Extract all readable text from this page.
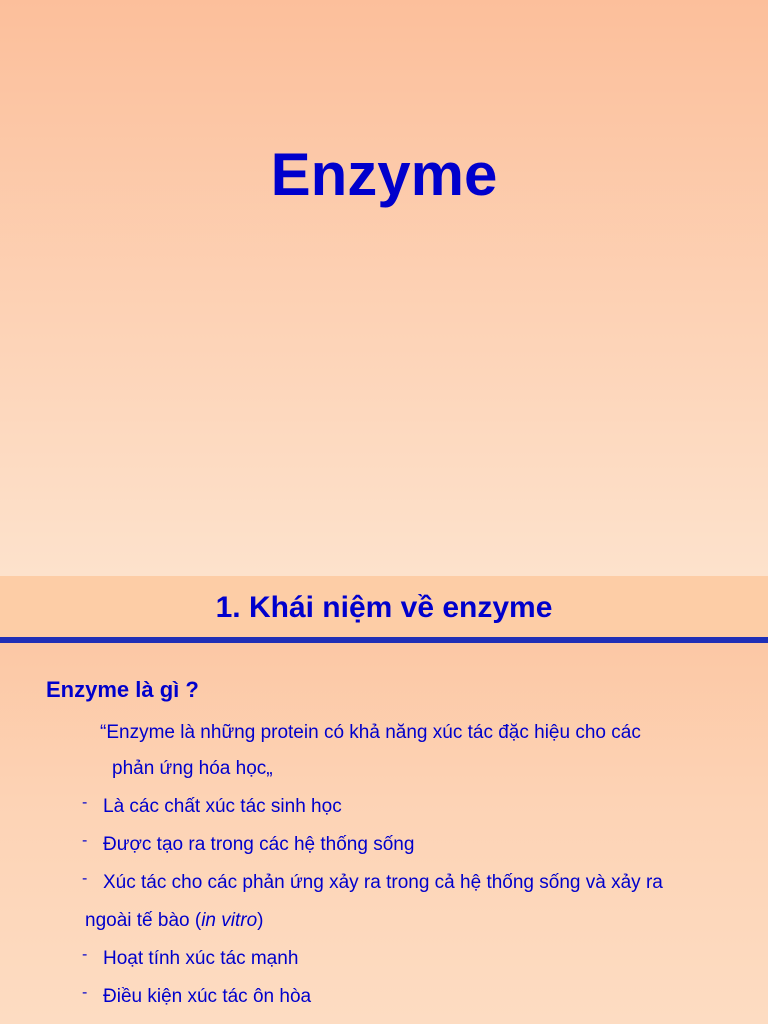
Enzyme
1. Khái niệm về enzyme
Enzyme là gì ?
“Enzyme là những protein có khả năng xúc tác đặc hiệu cho các
phản ứng hóa học„
- Là các chất xúc tác sinh học
- Được tạo ra trong các hệ thống sống
- Xúc tác cho các phản ứng xảy ra trong cả hệ thống sống và xảy ra
ngoài tế bào (in vitro)
- Hoạt tính xúc tác mạnh
- Điều kiện xúc tác ôn hòa
